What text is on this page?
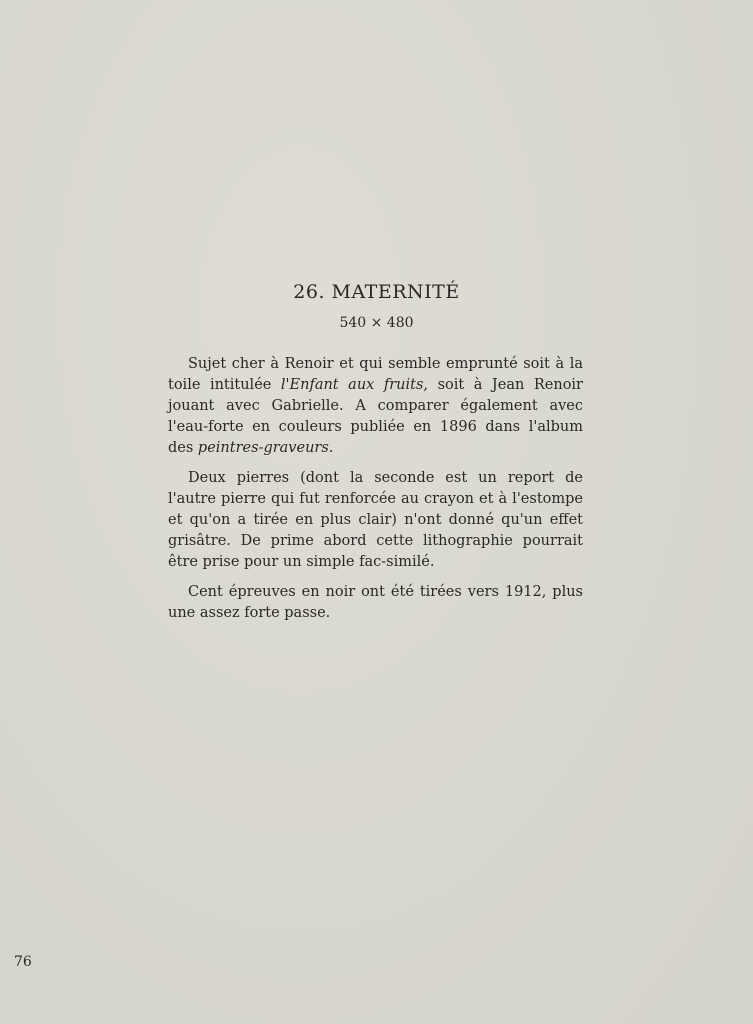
26. MATERNITÉ
540 × 480

Sujet cher à Renoir et qui semble emprunté soit à la toile intitulée l'Enfant aux fruits, soit à Jean Renoir jouant avec Gabrielle. A comparer également avec l'eau-forte en couleurs publiée en 1896 dans l'album des peintres-graveurs.

Deux pierres (dont la seconde est un report de l'autre pierre qui fut renforcée au crayon et à l'estompe et qu'on a tirée en plus clair) n'ont donné qu'un effet grisâtre. De prime abord cette lithographie pourrait être prise pour un simple fac-similé.

Cent épreuves en noir ont été tirées vers 1912, plus une assez forte passe.

76
